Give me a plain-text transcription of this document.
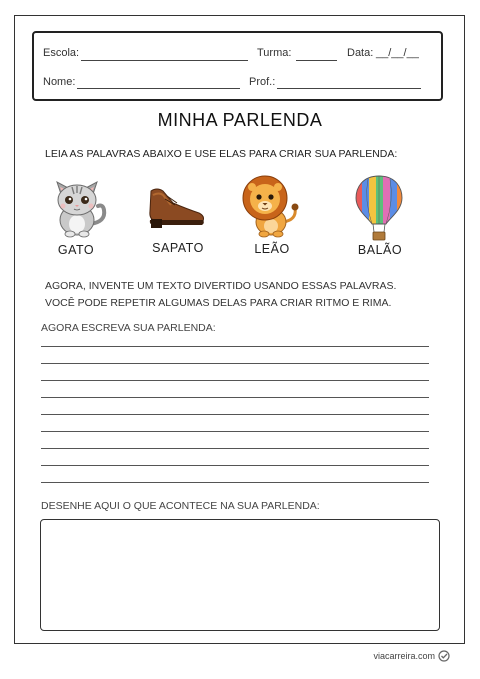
Escola:	Turma:	Data: __/__/__
Nome:	Prof.:
MINHA PARLENDA
LEIA AS PALAVRAS ABAIXO E USE ELAS PARA CRIAR SUA PARLENDA:
GATO	SAPATO	LEÃO	BALÃO
AGORA, INVENTE UM TEXTO DIVERTIDO USANDO ESSAS PALAVRAS.
VOCÊ PODE REPETIR ALGUMAS DELAS PARA CRIAR RITMO E RIMA.
AGORA ESCREVA SUA PARLENDA:
DESENHE AQUI O QUE ACONTECE NA SUA PARLENDA:
viacarreira.com
